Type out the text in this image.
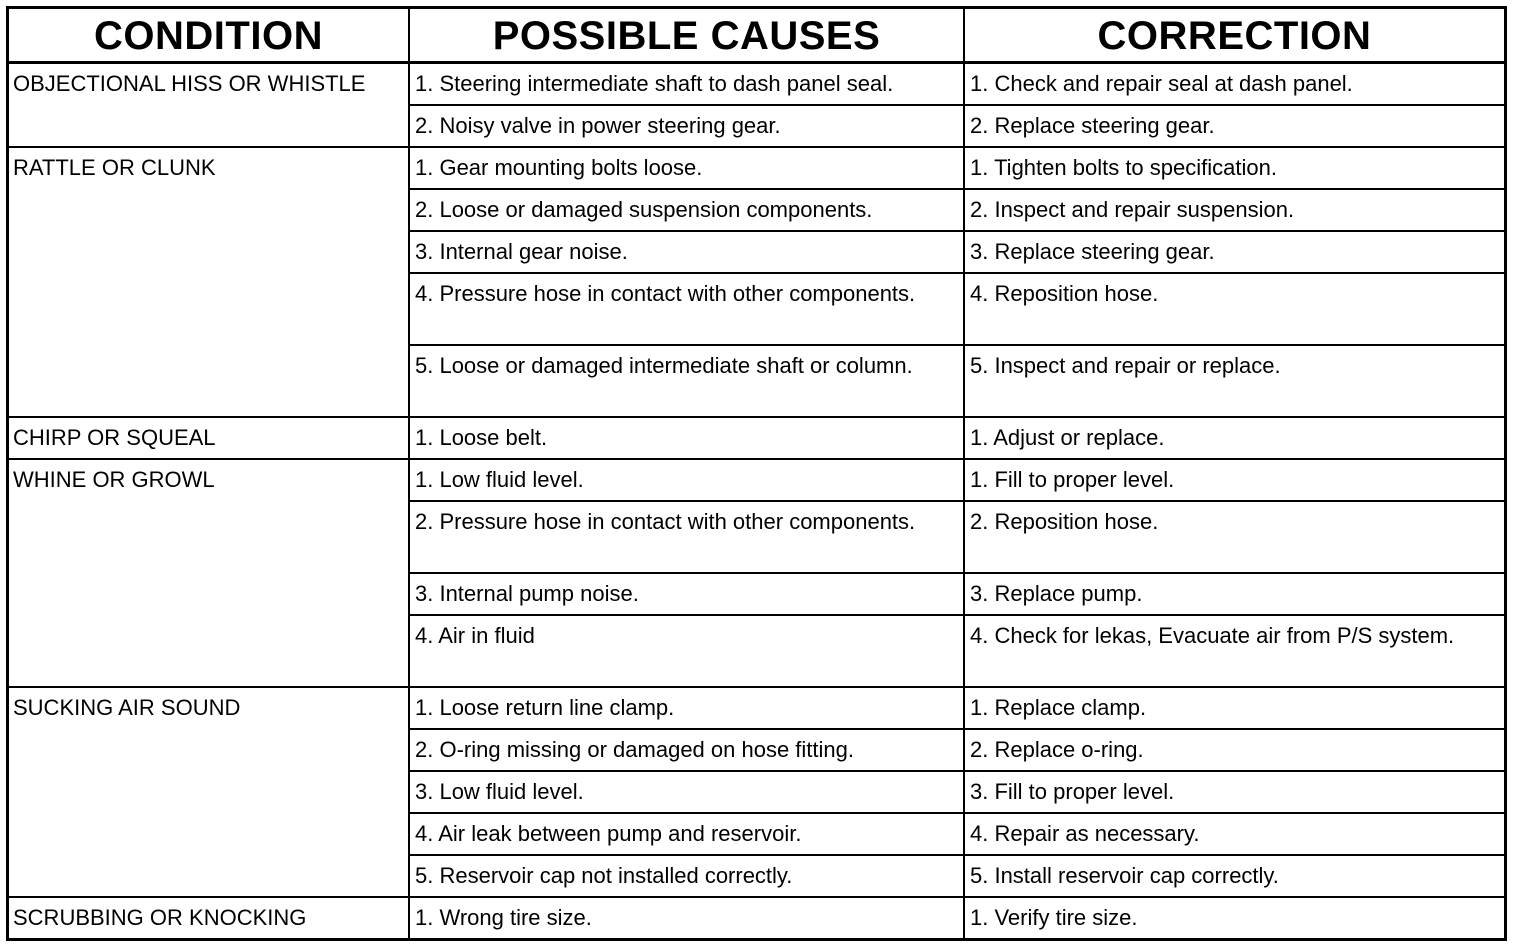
CONDITION	POSSIBLE CAUSES	CORRECTION
OBJECTIONAL HISS OR WHISTLE	1. Steering intermediate shaft to dash panel seal.	1. Check and repair seal at dash panel.
	2. Noisy valve in power steering gear.	2. Replace steering gear.
RATTLE OR CLUNK	1. Gear mounting bolts loose.	1. Tighten bolts to specification.
	2. Loose or damaged suspension components.	2. Inspect and repair suspension.
	3. Internal gear noise.	3. Replace steering gear.
	4. Pressure hose in contact with other components.	4. Reposition hose.
	5. Loose or damaged intermediate shaft or column.	5. Inspect and repair or replace.
CHIRP OR SQUEAL	1. Loose belt.	1. Adjust or replace.
WHINE OR GROWL	1. Low fluid level.	1. Fill to proper level.
	2. Pressure hose in contact with other components.	2. Reposition hose.
	3. Internal pump noise.	3. Replace pump.
	4. Air in fluid	4. Check for lekas, Evacuate air from P/S system.
SUCKING AIR SOUND	1. Loose return line clamp.	1. Replace clamp.
	2. O-ring missing or damaged on hose fitting.	2. Replace o-ring.
	3. Low fluid level.	3. Fill to proper level.
	4. Air leak between pump and reservoir.	4. Repair as necessary.
	5. Reservoir cap not installed correctly.	5. Install reservoir cap correctly.
SCRUBBING OR KNOCKING	1. Wrong tire size.	1. Verify tire size.
